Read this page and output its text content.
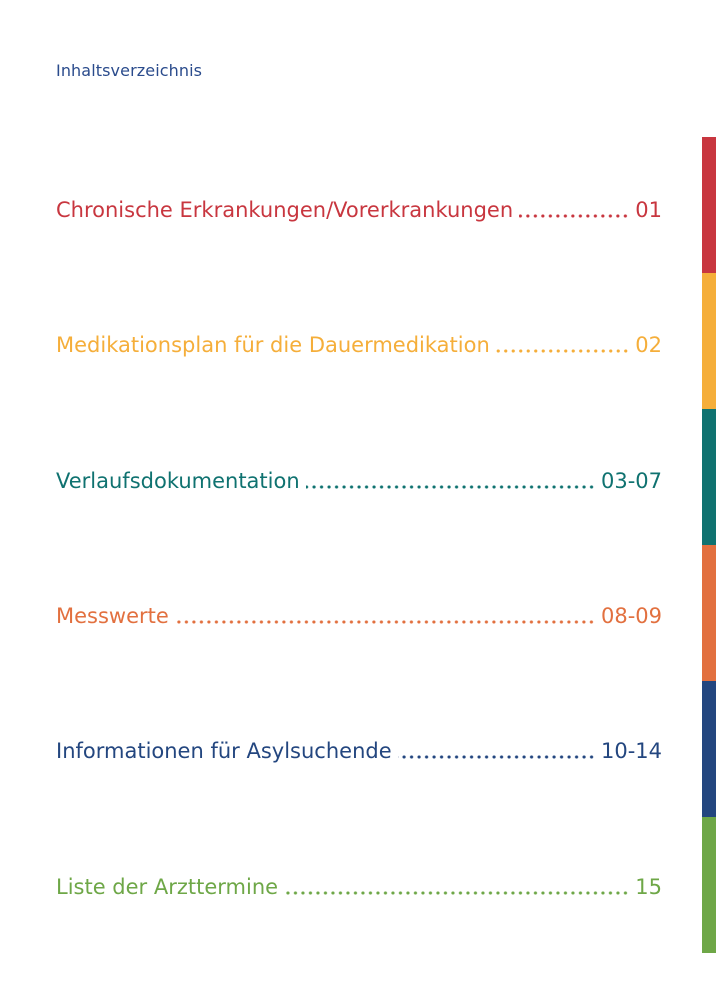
Inhaltsverzeichnis
Chronische Erkrankungen/Vorerkrankungen	01
Medikationsplan für die Dauermedikation	02
Verlaufsdokumentation	03-07
Messwerte	08-09
Informationen für Asylsuchende	10-14
Liste der Arzttermine	15
